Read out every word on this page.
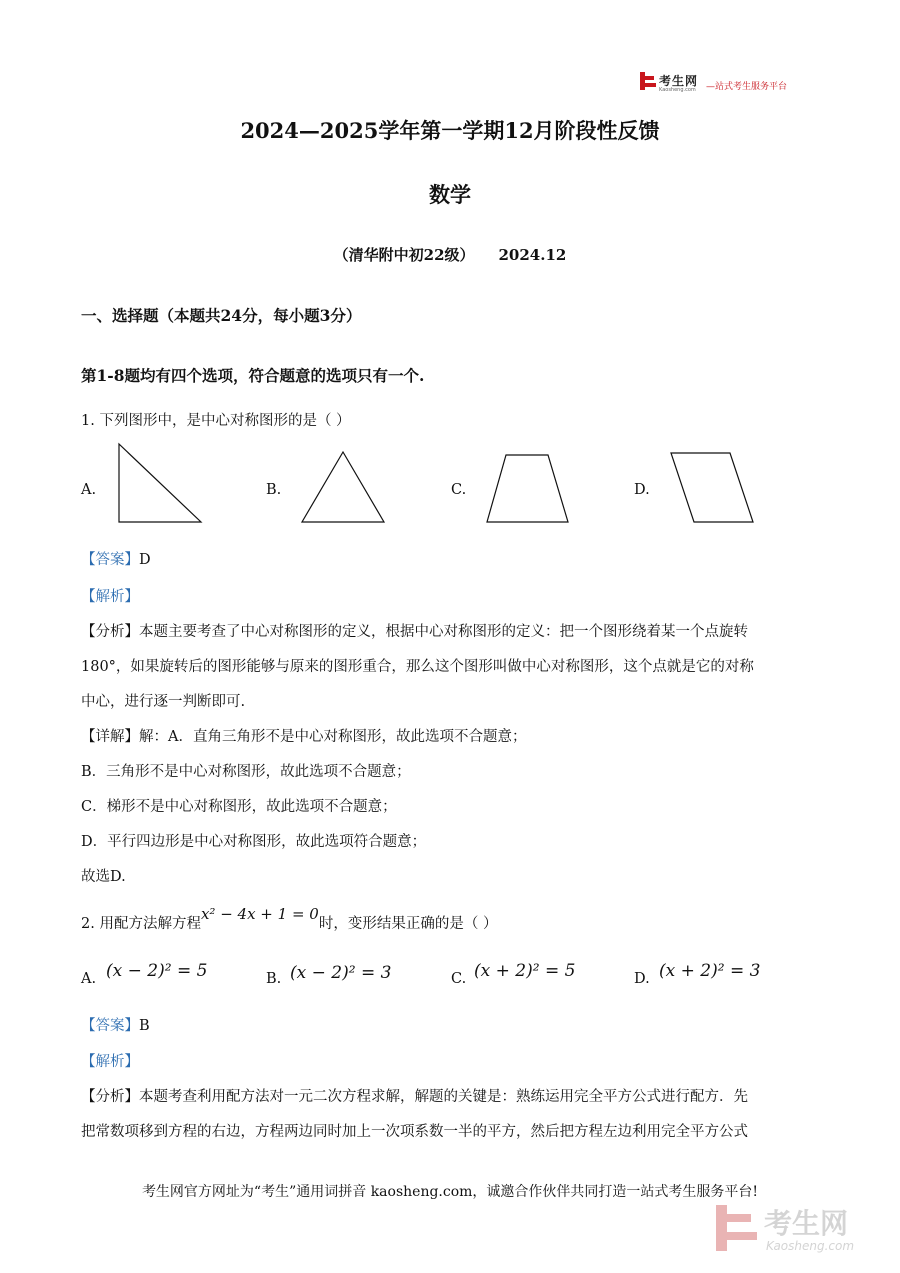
考生网
Kaosheng.com —站式考生服务平台
2024—2025学年第一学期12月阶段性反馈
数学
（清华附中初22级） 2024.12
一、选择题（本题共24分，每小题3分）
第1-8题均有四个选项，符合题意的选项只有一个.
1. 下列图形中，是中心对称图形的是（ ）
A.	B.	C.	D.
【答案】D
【解析】
【分析】本题主要考查了中心对称图形的定义，根据中心对称图形的定义：把一个图形绕着某一个点旋转
180°，如果旋转后的图形能够与原来的图形重合，那么这个图形叫做中心对称图形，这个点就是它的对称
中心，进行逐一判断即可.
【详解】解：A．直角三角形不是中心对称图形，故此选项不合题意；
B．三角形不是中心对称图形，故此选项不合题意；
C．梯形不是中心对称图形，故此选项不合题意；
D．平行四边形是中心对称图形，故此选项符合题意；
故选D.
2. 用配方法解方程x² − 4x + 1 = 0时，变形结果正确的是（ ）
A. (x − 2)² = 5	B. (x − 2)² = 3	C. (x + 2)² = 5	D. (x + 2)² = 3
【答案】B
【解析】
【分析】本题考查利用配方法对一元二次方程求解，解题的关键是：熟练运用完全平方公式进行配方．先
把常数项移到方程的右边，方程两边同时加上一次项系数一半的平方，然后把方程左边利用完全平方公式
考生网官方网址为“考生”通用词拼音 kaosheng.com，诚邀合作伙伴共同打造一站式考生服务平台!
考生网
Kaosheng.com
